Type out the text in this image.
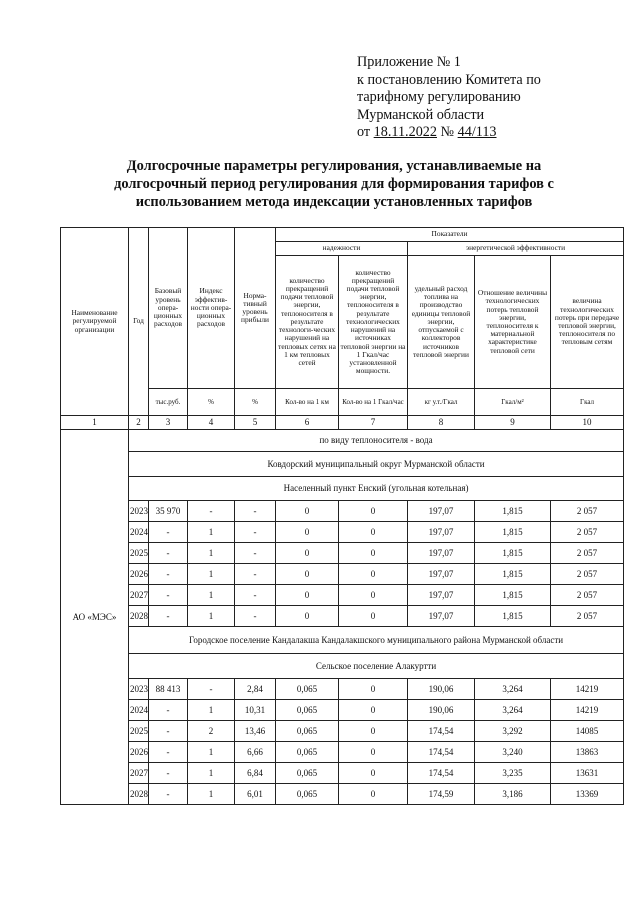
Приложение № 1
к постановлению Комитета по
тарифному регулированию
Мурманской области
от 18.11.2022 № 44/113
Долгосрочные параметры регулирования, устанавливаемые на
долгосрочный период регулирования для формирования тарифов с
использованием метода индексации установленных тарифов
Наименование регулируемой организации	Год	Базовый уровень опера-ционных расходов	Индекс эффектив-ности опера-ционных расходов	Норма-тивный уровень прибыли	Показатели				
					надежности		энергетической эффективности		
					количество прекращений подачи тепловой энергии, теплоносителя в результате технологи-ческих нарушений на тепловых сетях на 1 км тепловых сетей	количество прекращений подачи тепловой энергии, теплоносителя в результате технологических нарушений на источниках тепловой энергии на 1 Гкал/час установленной мощности.	удельный расход топлива на производство единицы тепловой энергии, отпускаемой с коллекторов источников тепловой энергии	Отношение величины технологических потерь тепловой энергии, теплоносителя к материальной характеристике тепловой сети	величина технологических потерь при передаче тепловой энергии, теплоносителя по тепловым сетям
		тыс.руб.	%	%	Кол-во на 1 км	Кол-во на 1 Гкал/час	кг у.т./Гкал	Гкал/м²	Гкал
1	2	3	4	5	6	7	8	9	10
АО «МЭС»	по виду теплоносителя - вода								
	Ковдорский муниципальный округ Мурманской области								
	Населенный пункт Енский (угольная котельная)								
	2023	35 970	-	-	0	0	197,07	1,815	2 057
	2024	-	1	-	0	0	197,07	1,815	2 057
	2025	-	1	-	0	0	197,07	1,815	2 057
	2026	-	1	-	0	0	197,07	1,815	2 057
	2027	-	1	-	0	0	197,07	1,815	2 057
	2028	-	1	-	0	0	197,07	1,815	2 057
	Городское поселение Кандалакша Кандалакшского муниципального района Мурманской области								
	Сельское поселение Алакуртти								
	2023	88 413	-	2,84	0,065	0	190,06	3,264	14219
	2024	-	1	10,31	0,065	0	190,06	3,264	14219
	2025	-	2	13,46	0,065	0	174,54	3,292	14085
	2026	-	1	6,66	0,065	0	174,54	3,240	13863
	2027	-	1	6,84	0,065	0	174,54	3,235	13631
	2028	-	1	6,01	0,065	0	174,59	3,186	13369
